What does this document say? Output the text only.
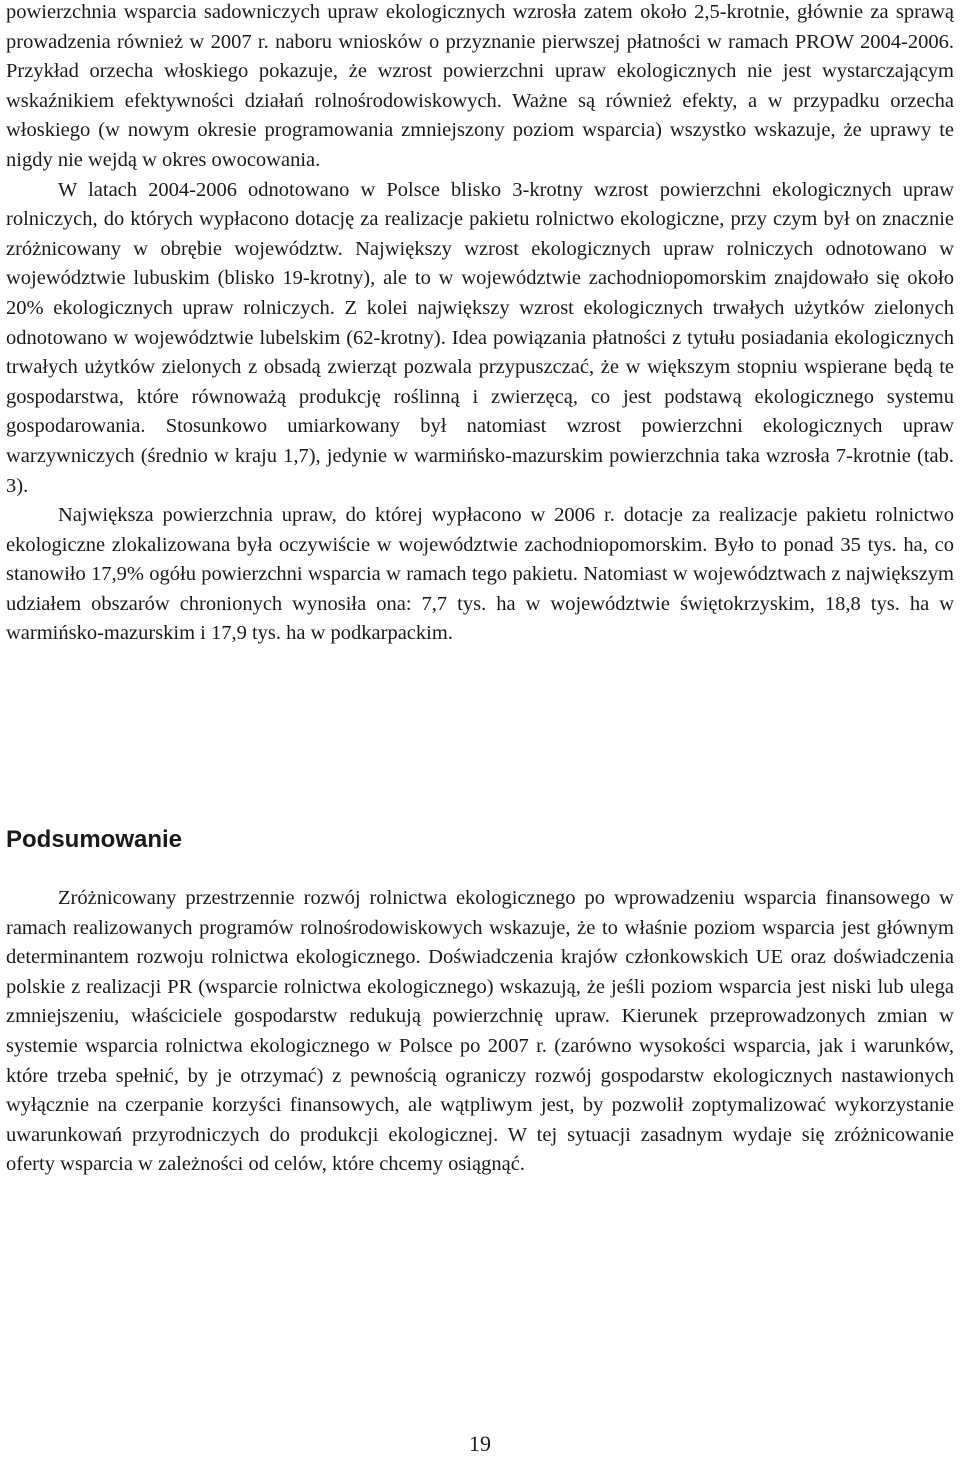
powierzchnia wsparcia sadowniczych upraw ekologicznych wzrosła zatem około 2,5-krotnie, głównie za sprawą prowadzenia również w 2007 r. naboru wniosków o przyznanie pierwszej płatności w ramach PROW 2004-2006. Przykład orzecha włoskiego pokazuje, że wzrost powierzchni upraw ekologicznych nie jest wystarczającym wskaźnikiem efektywności działań rolnośrodowiskowych. Ważne są również efekty, a w przypadku orzecha włoskiego (w nowym okresie programowania zmniejszony poziom wsparcia) wszystko wskazuje, że uprawy te nigdy nie wejdą w okres owocowania.

W latach 2004-2006 odnotowano w Polsce blisko 3-krotny wzrost powierzchni ekologicznych upraw rolniczych, do których wypłacono dotację za realizacje pakietu rolnictwo ekologiczne, przy czym był on znacznie zróżnicowany w obrębie województw. Największy wzrost ekologicznych upraw rolniczych odnotowano w województwie lubuskim (blisko 19-krotny), ale to w województwie zachodniopomorskim znajdowało się około 20% ekologicznych upraw rolniczych. Z kolei największy wzrost ekologicznych trwałych użytków zielonych odnotowano w województwie lubelskim (62-krotny). Idea powiązania płatności z tytułu posiadania ekologicznych trwałych użytków zielonych z obsadą zwierząt pozwala przypuszczać, że w większym stopniu wspierane będą te gospodarstwa, które równoważą produkcję roślinną i zwierzęcą, co jest podstawą ekologicznego systemu gospodarowania. Stosunkowo umiarkowany był natomiast wzrost powierzchni ekologicznych upraw warzywniczych (średnio w kraju 1,7), jedynie w warmińsko-mazurskim powierzchnia taka wzrosła 7-krotnie (tab. 3).

Największa powierzchnia upraw, do której wypłacono w 2006 r. dotacje za realizacje pakietu rolnictwo ekologiczne zlokalizowana była oczywiście w województwie zachodniopomorskim. Było to ponad 35 tys. ha, co stanowiło 17,9% ogółu powierzchni wsparcia w ramach tego pakietu. Natomiast w województwach z największym udziałem obszarów chronionych wynosiła ona: 7,7 tys. ha w województwie świętokrzyskim, 18,8 tys. ha w warmińsko-mazurskim i 17,9 tys. ha w podkarpackim.

Podsumowanie

Zróżnicowany przestrzennie rozwój rolnictwa ekologicznego po wprowadzeniu wsparcia finansowego w ramach realizowanych programów rolnośrodowiskowych wskazuje, że to właśnie poziom wsparcia jest głównym determinantem rozwoju rolnictwa ekologicznego. Doświadczenia krajów członkowskich UE oraz doświadczenia polskie z realizacji PR (wsparcie rolnictwa ekologicznego) wskazują, że jeśli poziom wsparcia jest niski lub ulega zmniejszeniu, właściciele gospodarstw redukują powierzchnię upraw. Kierunek przeprowadzonych zmian w systemie wsparcia rolnictwa ekologicznego w Polsce po 2007 r. (zarówno wysokości wsparcia, jak i warunków, które trzeba spełnić, by je otrzymać) z pewnością ograniczy rozwój gospodarstw ekologicznych nastawionych wyłącznie na czerpanie korzyści finansowych, ale wątpliwym jest, by pozwolił zoptymalizować wykorzystanie uwarunkowań przyrodniczych do produkcji ekologicznej. W tej sytuacji zasadnym wydaje się zróżnicowanie oferty wsparcia w zależności od celów, które chcemy osiągnąć.

19
